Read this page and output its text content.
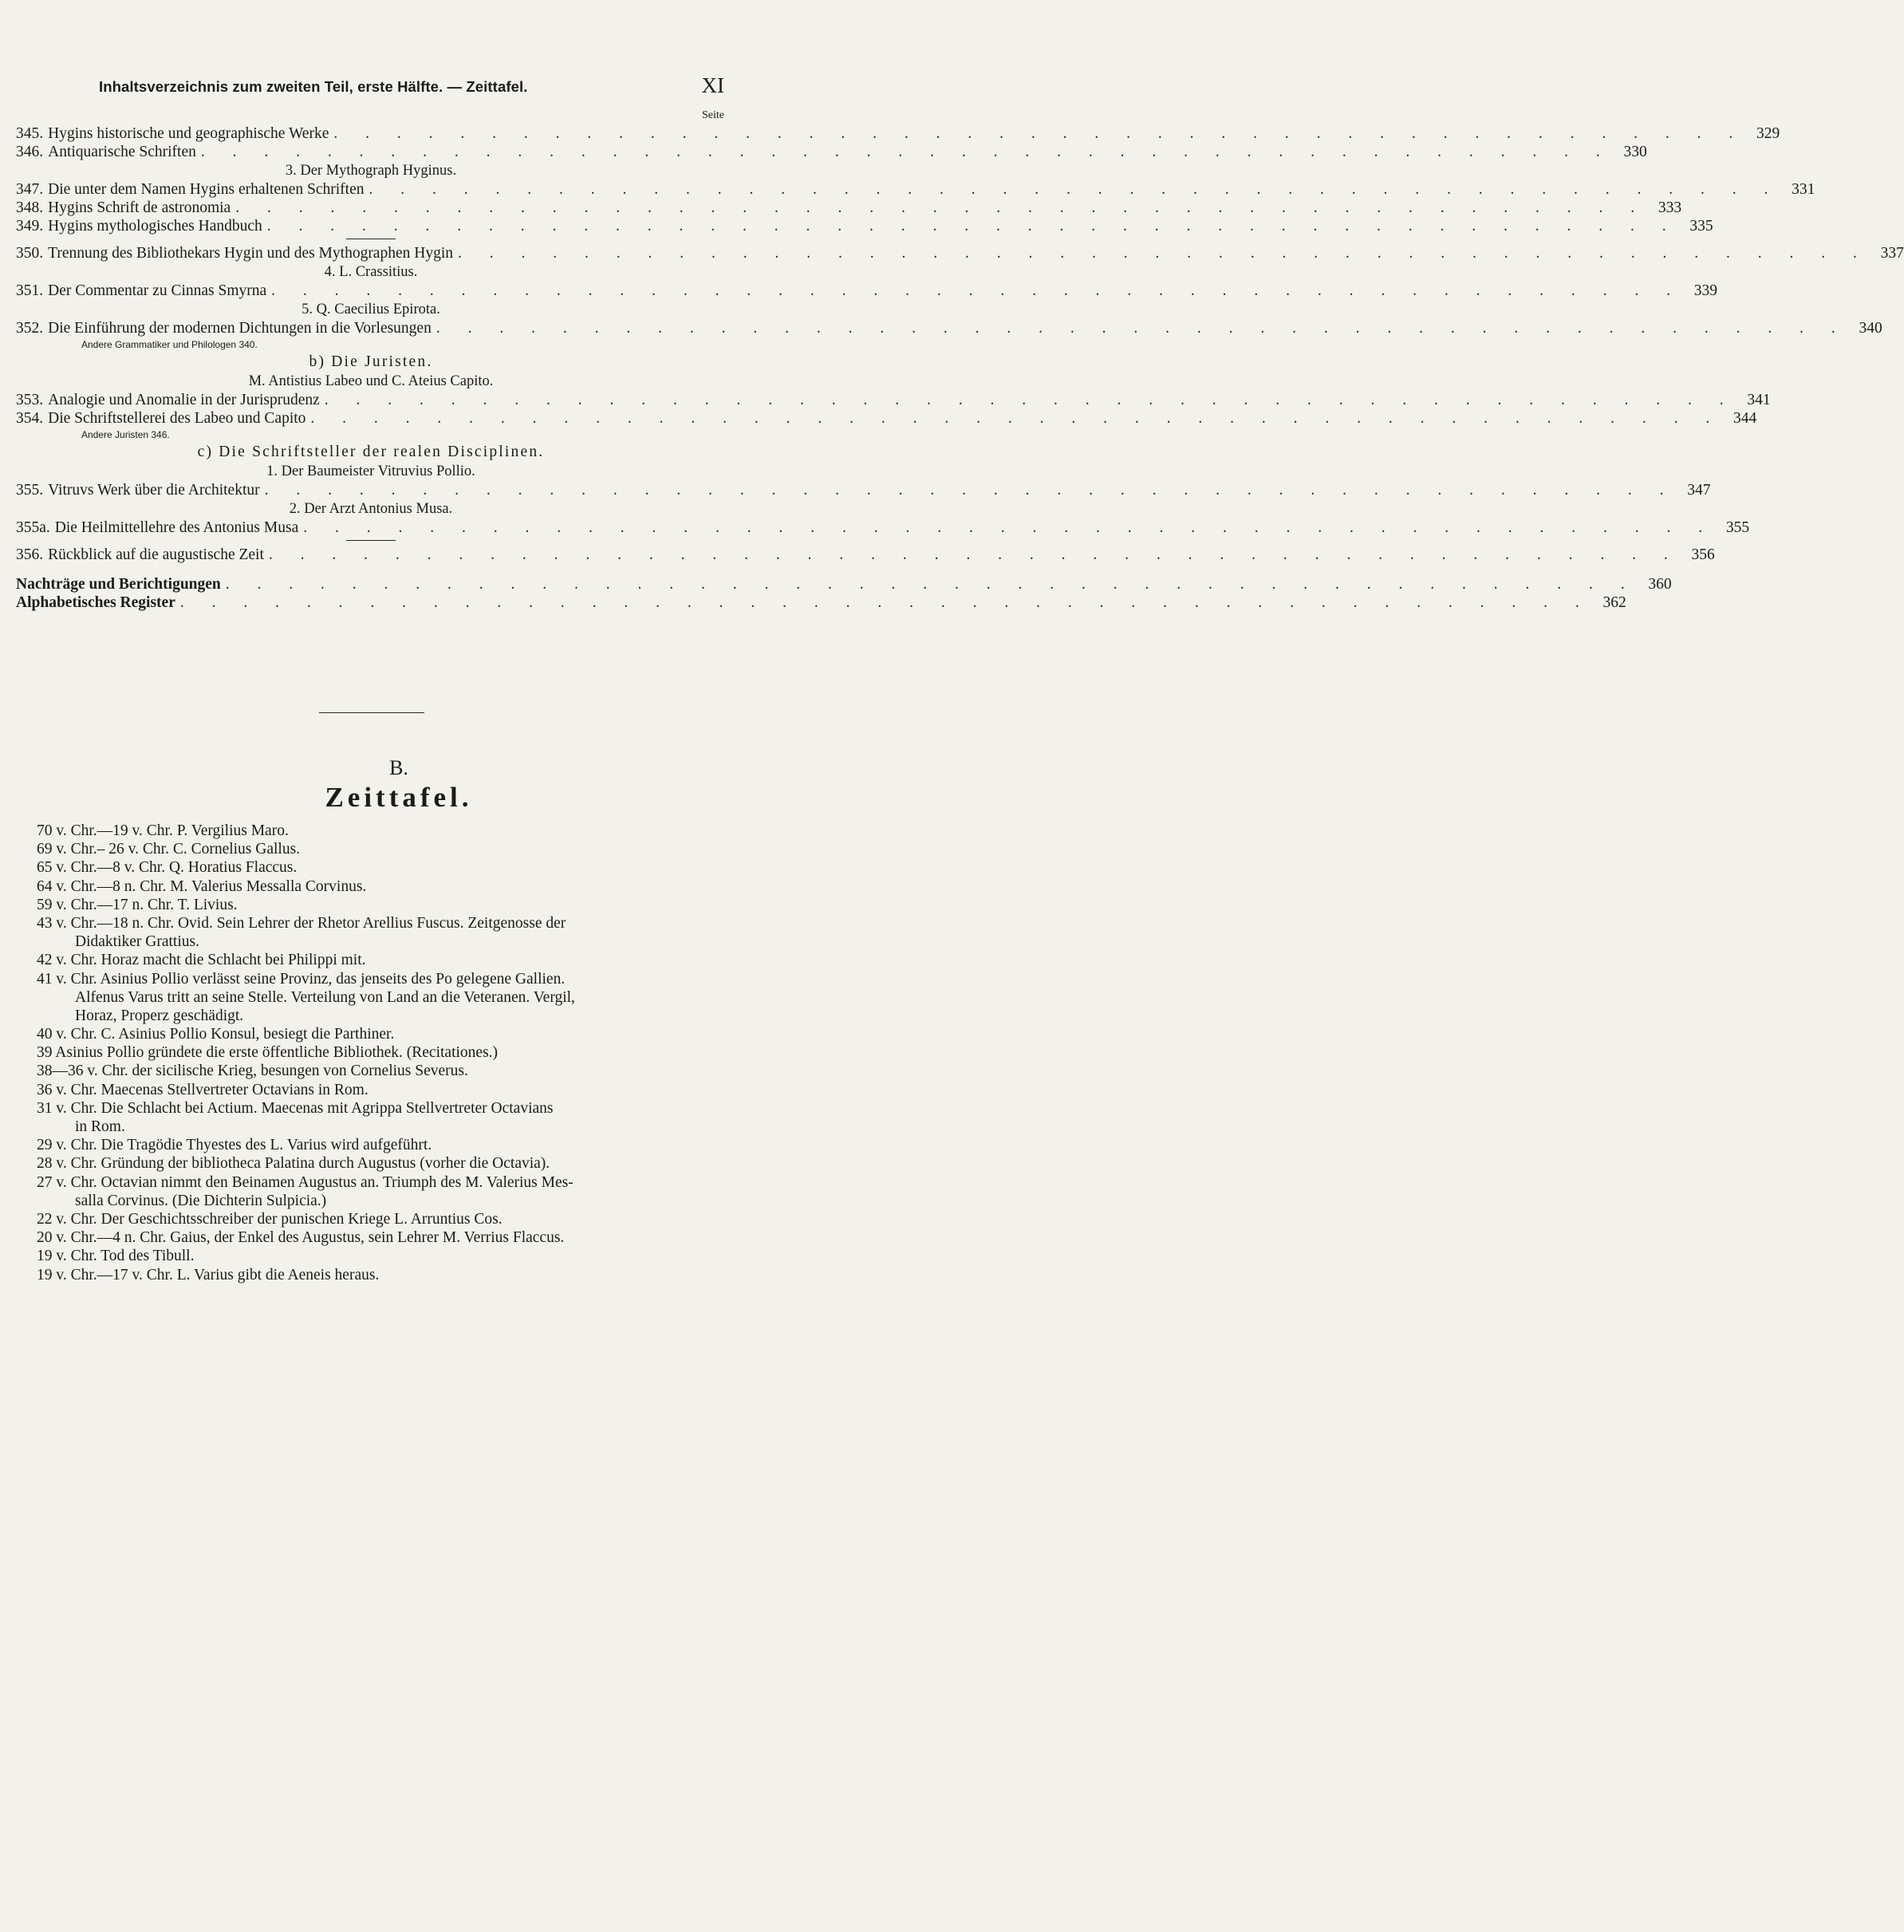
Inhaltsverzeichnis zum zweiten Teil, erste Hälfte. — Zeittafel.	XI
Seite
345. Hygins historische und geographische Werke . . . . . . . . . . . . . . . . . . . . . . . . . . . . . . . . . . . . . . . . . . . . . 329
346. Antiquarische Schriften . . . . . . . . . . . . . . . . . . . . . . . . . . . . . . . . . . . . . . . . . . . . . 330
3. Der Mythograph Hyginus.
347. Die unter dem Namen Hygins erhaltenen Schriften . . . . . . . . . . . . . . . . . . . . . . . . . . . . . . . . . . . . . . . . . . . . . 331
348. Hygins Schrift de astronomia . . . . . . . . . . . . . . . . . . . . . . . . . . . . . . . . . . . . . . . . . . . . . 333
349. Hygins mythologisches Handbuch . . . . . . . . . . . . . . . . . . . . . . . . . . . . . . . . . . . . . . . . . . . . . 335
350. Trennung des Bibliothekars Hygin und des Mythographen Hygin . . . . . . . . . . . . . . . . . . . . . . . . . . . . . . . . . . . . . . . . . . . . . 337
4. L. Crassitius.
351. Der Commentar zu Cinnas Smyrna . . . . . . . . . . . . . . . . . . . . . . . . . . . . . . . . . . . . . . . . . . . . . 339
5. Q. Caecilius Epirota.
352. Die Einführung der modernen Dichtungen in die Vorlesungen . . . . . . . . . . . . . . . . . . . . . . . . . . . . . . . . . . . . . . . . . . . . . 340
Andere Grammatiker und Philologen 340.
b) Die Juristen.
M. Antistius Labeo und C. Ateius Capito.
353. Analogie und Anomalie in der Jurisprudenz . . . . . . . . . . . . . . . . . . . . . . . . . . . . . . . . . . . . . . . . . . . . . 341
354. Die Schriftstellerei des Labeo und Capito . . . . . . . . . . . . . . . . . . . . . . . . . . . . . . . . . . . . . . . . . . . . . 344
Andere Juristen 346.
c) Die Schriftsteller der realen Disciplinen.
1. Der Baumeister Vitruvius Pollio.
355. Vitruvs Werk über die Architektur . . . . . . . . . . . . . . . . . . . . . . . . . . . . . . . . . . . . . . . . . . . . . 347
2. Der Arzt Antonius Musa.
355a. Die Heilmittellehre des Antonius Musa . . . . . . . . . . . . . . . . . . . . . . . . . . . . . . . . . . . . . . . . . . . . . 355
356. Rückblick auf die augustische Zeit . . . . . . . . . . . . . . . . . . . . . . . . . . . . . . . . . . . . . . . . . . . . . 356
Nachträge und Berichtigungen . . . . . . . . . . . . . . . . . . . . . . . . . . . . . . . . . . . . . . . . . . . . . 360
Alphabetisches Register . . . . . . . . . . . . . . . . . . . . . . . . . . . . . . . . . . . . . . . . . . . . . 362
B.
Zeittafel.
70 v. Chr.—19 v. Chr. P. Vergilius Maro.
69 v. Chr.– 26 v. Chr. C. Cornelius Gallus.
65 v. Chr.—8 v. Chr. Q. Horatius Flaccus.
64 v. Chr.—8 n. Chr. M. Valerius Messalla Corvinus.
59 v. Chr.—17 n. Chr. T. Livius.
43 v. Chr.—18 n. Chr. Ovid. Sein Lehrer der Rhetor Arellius Fuscus. Zeitgenosse der
Didaktiker Grattius.
42 v. Chr. Horaz macht die Schlacht bei Philippi mit.
41 v. Chr. Asinius Pollio verlässt seine Provinz, das jenseits des Po gelegene Gallien.
Alfenus Varus tritt an seine Stelle. Verteilung von Land an die Veteranen. Vergil,
Horaz, Properz geschädigt.
40 v. Chr. C. Asinius Pollio Konsul, besiegt die Parthiner.
39 Asinius Pollio gründete die erste öffentliche Bibliothek. (Recitationes.)
38—36 v. Chr. der sicilische Krieg, besungen von Cornelius Severus.
36 v. Chr. Maecenas Stellvertreter Octavians in Rom.
31 v. Chr. Die Schlacht bei Actium. Maecenas mit Agrippa Stellvertreter Octavians
in Rom.
29 v. Chr. Die Tragödie Thyestes des L. Varius wird aufgeführt.
28 v. Chr. Gründung der bibliotheca Palatina durch Augustus (vorher die Octavia).
27 v. Chr. Octavian nimmt den Beinamen Augustus an. Triumph des M. Valerius Mes-
salla Corvinus. (Die Dichterin Sulpicia.)
22 v. Chr. Der Geschichtsschreiber der punischen Kriege L. Arruntius Cos.
20 v. Chr.—4 n. Chr. Gaius, der Enkel des Augustus, sein Lehrer M. Verrius Flaccus.
19 v. Chr. Tod des Tibull.
19 v. Chr.—17 v. Chr. L. Varius gibt die Aeneis heraus.
